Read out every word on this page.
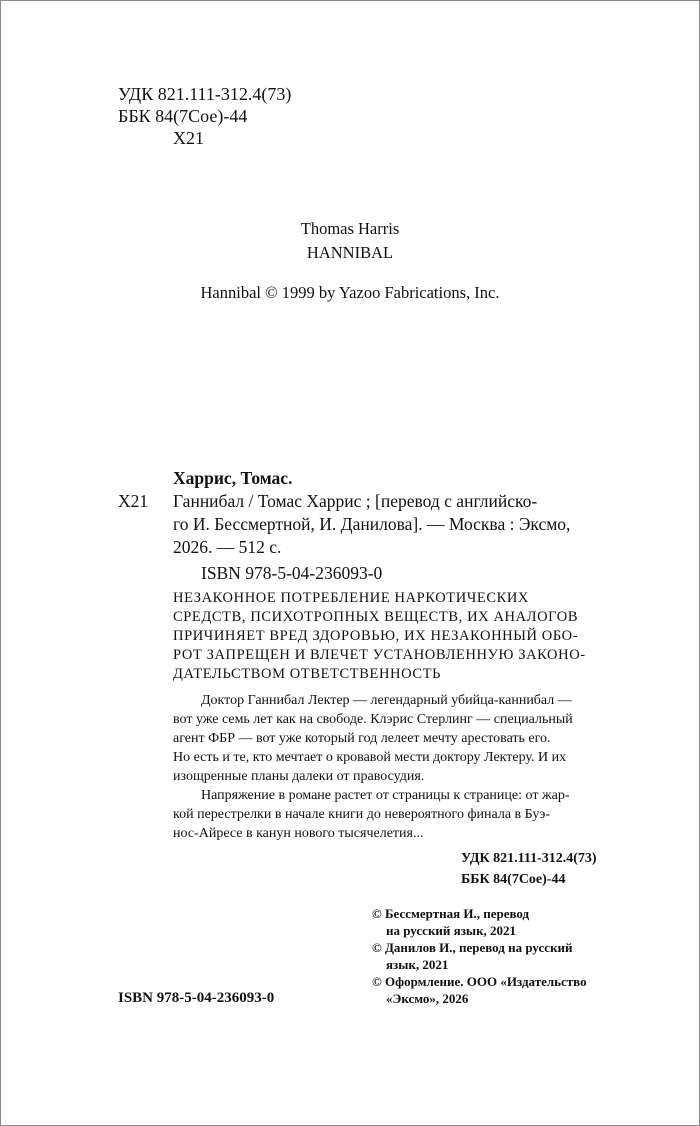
УДК 821.111-312.4(73)
ББК 84(7Сое)-44
Х21
Thomas Harris
HANNIBAL
Hannibal © 1999 by Yazoo Fabrications, Inc.
Харрис, Томас.
Х21 Ганнибал / Томас Харрис ; [перевод с английско-
го И. Бессмертной, И. Данилова]. — Москва : Эксмо,
2026. — 512 с.
ISBN 978-5-04-236093-0
НЕЗАКОННОЕ ПОТРЕБЛЕНИЕ НАРКОТИЧЕСКИХ
СРЕДСТВ, ПСИХОТРОПНЫХ ВЕЩЕСТВ, ИХ АНАЛОГОВ
ПРИЧИНЯЕТ ВРЕД ЗДОРОВЬЮ, ИХ НЕЗАКОННЫЙ ОБО-
РОТ ЗАПРЕЩЕН И ВЛЕЧЕТ УСТАНОВЛЕННУЮ ЗАКОНО-
ДАТЕЛЬСТВОМ ОТВЕТСТВЕННОСТЬ
Доктор Ганнибал Лектер — легендарный убийца-каннибал —
вот уже семь лет как на свободе. Клэрис Стерлинг — специальный
агент ФБР — вот уже который год лелеет мечту арестовать его.
Но есть и те, кто мечтает о кровавой мести доктору Лектеру. И их
изощренные планы далеки от правосудия.
Напряжение в романе растет от страницы к странице: от жар-
кой перестрелки в начале книги до невероятного финала в Буэ-
нос-Айресе в канун нового тысячелетия...
УДК 821.111-312.4(73)
ББК 84(7Сое)-44
© Бессмертная И., перевод
на русский язык, 2021
© Данилов И., перевод на русский
язык, 2021
© Оформление. ООО «Издательство
«Эксмо», 2026
ISBN 978-5-04-236093-0
